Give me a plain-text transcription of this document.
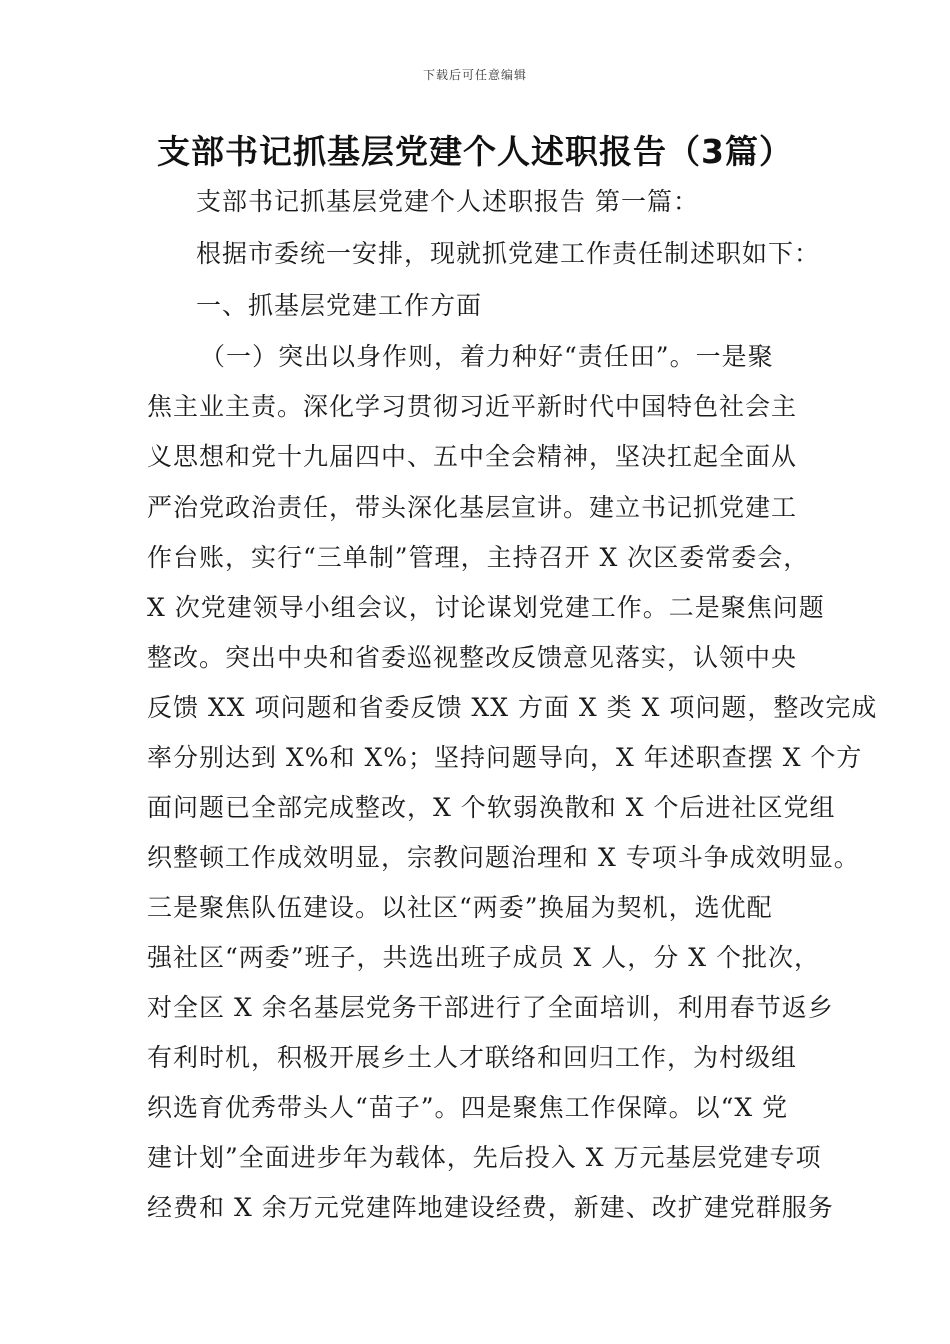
下载后可任意编辑
支部书记抓基层党建个人述职报告（3篇）

支部书记抓基层党建个人述职报告 第一篇：

根据市委统一安排，现就抓党建工作责任制述职如下：

一、抓基层党建工作方面

（一）突出以身作则，着力种好“责任田”。一是聚

焦主业主责。深化学习贯彻习近平新时代中国特色社会主

义思想和党十九届四中、五中全会精神，坚决扛起全面从

严治党政治责任，带头深化基层宣讲。建立书记抓党建工

作台账，实行“三单制”管理，主持召开 X 次区委常委会，

X 次党建领导小组会议，讨论谋划党建工作。二是聚焦问题

整改。突出中央和省委巡视整改反馈意见落实，认领中央

反馈 XX 项问题和省委反馈 XX 方面 X 类 X 项问题，整改完成

率分别达到 X%和 X%；坚持问题导向，X 年述职查摆 X 个方

面问题已全部完成整改，X 个软弱涣散和 X 个后进社区党组

织整顿工作成效明显，宗教问题治理和 X 专项斗争成效明显。

三是聚焦队伍建设。以社区“两委”换届为契机，选优配

强社区“两委”班子，共选出班子成员 X 人，分 X 个批次，

对全区 X 余名基层党务干部进行了全面培训，利用春节返乡

有利时机，积极开展乡土人才联络和回归工作，为村级组

织选育优秀带头人“苗子”。四是聚焦工作保障。以“X 党

建计划”全面进步年为载体，先后投入 X 万元基层党建专项

经费和 X 余万元党建阵地建设经费，新建、改扩建党群服务
